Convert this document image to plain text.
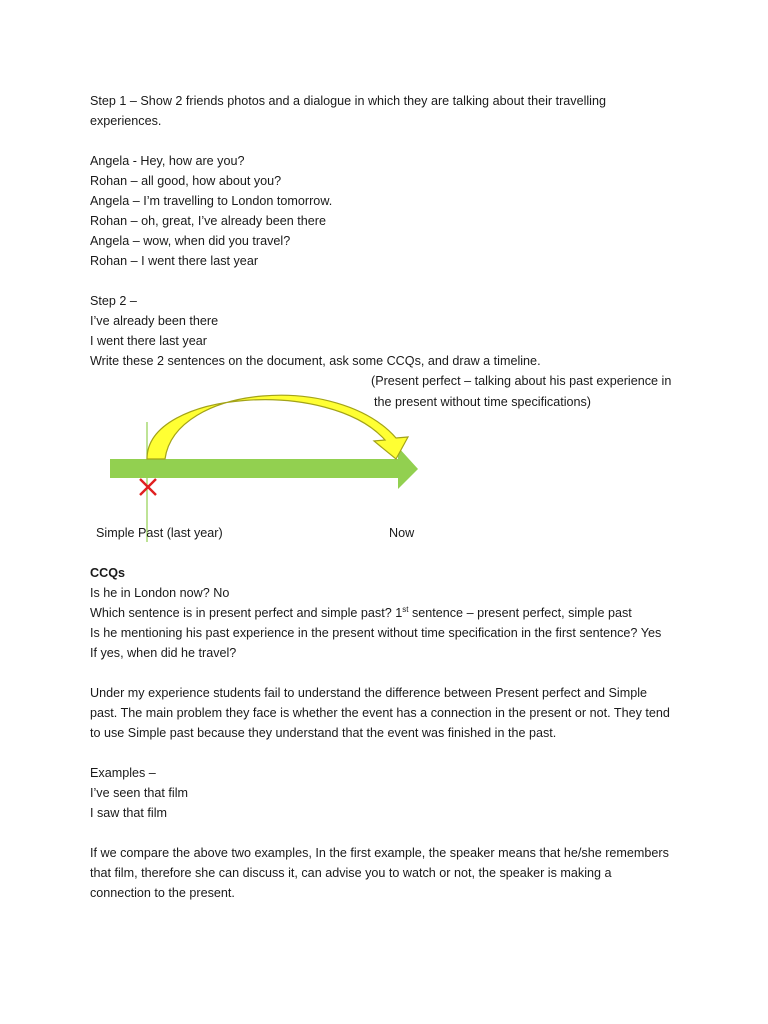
Step 1 – Show 2 friends photos and a dialogue in which they are talking about their travelling
experiences.
Angela - Hey, how are you?
Rohan – all good, how about you?
Angela – I’m travelling to London tomorrow.
Rohan – oh, great, I’ve already been there
Angela – wow, when did you travel?
Rohan – I went there last year
Step 2 –
I’ve already been there
I went there last year
Write these 2 sentences on the document, ask some CCQs, and draw a timeline.
(Present perfect – talking about his past experience in
the present without time specifications)
Simple Past (last year)	Now
CCQs
Is he in London now? No
Which sentence is in present perfect and simple past? 1st sentence – present perfect, simple past
Is he mentioning his past experience in the present without time specification in the first sentence? Yes
If yes, when did he travel?
Under my experience students fail to understand the difference between Present perfect and Simple
past. The main problem they face is whether the event has a connection in the present or not. They tend
to use Simple past because they understand that the event was finished in the past.
Examples –
I’ve seen that film
I saw that film
If we compare the above two examples, In the first example, the speaker means that he/she remembers
that film, therefore she can discuss it, can advise you to watch or not, the speaker is making a
connection to the present.
